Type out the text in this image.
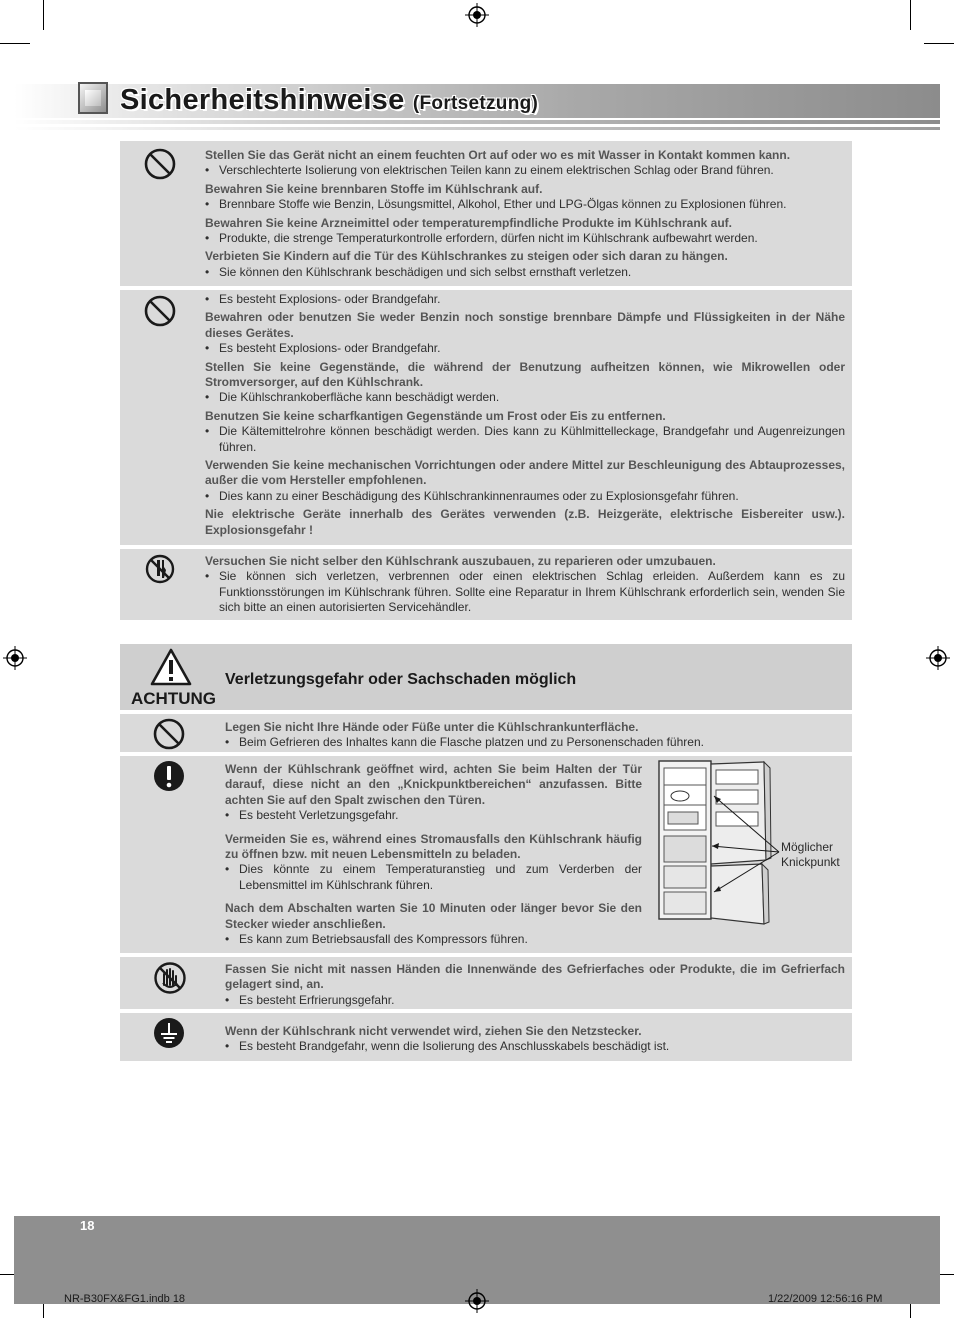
Sicherheitshinweise (Fortsetzung)
Stellen Sie das Gerät nicht an einem feuchten Ort auf oder wo es mit Wasser in Kontakt kommen kann.
• Verschlechterte Isolierung von elektrischen Teilen kann zu einem elektrischen Schlag oder Brand führen.
Bewahren Sie keine brennbaren Stoffe im Kühlschrank auf.
• Brennbare Stoffe wie Benzin, Lösungsmittel, Alkohol, Ether und LPG-Ölgas können zu Explosionen führen.
Bewahren Sie keine Arzneimittel oder temperaturempfindliche Produkte im Kühlschrank auf.
• Produkte, die strenge Temperaturkontrolle erfordern, dürfen nicht im Kühlschrank aufbewahrt werden.
Verbieten Sie Kindern auf die Tür des Kühlschrankes zu steigen oder sich daran zu hängen.
• Sie können den Kühlschrank beschädigen und sich selbst ernsthaft verletzen.
• Es besteht Explosions- oder Brandgefahr.
Bewahren oder benutzen Sie weder Benzin noch sonstige brennbare Dämpfe und Flüssigkeiten in der Nähe dieses Gerätes.
• Es besteht Explosions- oder Brandgefahr.
Stellen Sie keine Gegenstände, die während der Benutzung aufheitzen können, wie Mikrowellen oder Stromversorger, auf den Kühlschrank.
• Die Kühlschrankoberfläche kann beschädigt werden.
Benutzen Sie keine scharfkantigen Gegenstände um Frost oder Eis zu entfernen.
• Die Kältemittelrohre können beschädigt werden. Dies kann zu Kühlmittelleckage, Brandgefahr und Augenreizungen führen.
Verwenden Sie keine mechanischen Vorrichtungen oder andere Mittel zur Beschleunigung des Abtauprozesses, außer die vom Hersteller empfohlenen.
• Dies kann zu einer Beschädigung des Kühlschrankinnenraumes oder zu Explosionsgefahr führen.
Nie elektrische Geräte innerhalb des Gerätes verwenden (z.B. Heizgeräte, elektrische Eisbereiter usw.). Explosionsgefahr !
Versuchen Sie nicht selber den Kühlschrank auszubauen, zu reparieren oder umzubauen.
• Sie können sich verletzen, verbrennen oder einen elektrischen Schlag erleiden. Außerdem kann es zu Funktionsstörungen im Kühlschrank führen. Sollte eine Reparatur in Ihrem Kühlschrank erforderlich sein, wenden Sie sich bitte an einen autorisierten Servicehändler.
ACHTUNG
Verletzungsgefahr oder Sachschaden möglich
Legen Sie nicht Ihre Hände oder Füße unter die Kühlschrankunterfläche.
• Beim Gefrieren des Inhaltes kann die Flasche platzen und zu Personenschaden führen.
Wenn der Kühlschrank geöffnet wird, achten Sie beim Halten der Tür darauf, diese nicht an den „Knickpunktbereichen“ anzufassen. Bitte achten Sie auf den Spalt zwischen den Türen.
• Es besteht Verletzungsgefahr.
Vermeiden Sie es, während eines Stromausfalls den Kühlschrank häufig zu öffnen bzw. mit neuen Lebensmitteln zu beladen.
• Dies könnte zu einem Temperaturanstieg und zum Verderben der Lebensmittel im Kühlschrank führen.
Nach dem Abschalten warten Sie 10 Minuten oder länger bevor Sie den Stecker wieder anschließen.
• Es kann zum Betriebsausfall des Kompressors führen.
Möglicher
Knickpunkt
Fassen Sie nicht mit nassen Händen die Innenwände des Gefrierfaches oder Produkte, die im Gefrierfach gelagert sind, an.
• Es besteht Erfrierungsgefahr.
Wenn der Kühlschrank nicht verwendet wird, ziehen Sie den Netzstecker.
• Es besteht Brandgefahr, wenn die Isolierung des Anschlusskabels beschädigt ist.
18
NR-B30FX&FG1.indb 18	1/22/2009 12:56:16 PM
